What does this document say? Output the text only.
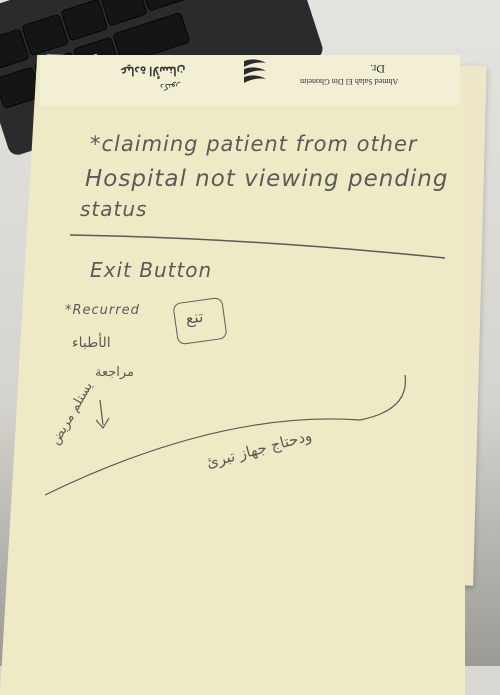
عيادة الأسنان
دكتور
Dr.
Ahmed Salah El Din Ghoneim
*claiming patient from other
Hospital not viewing pending
status
Exit Button
*Recurred	تنع
الأطباء
مراجعة
يستلم مريض
ودحتاج جهاز تبرئ
